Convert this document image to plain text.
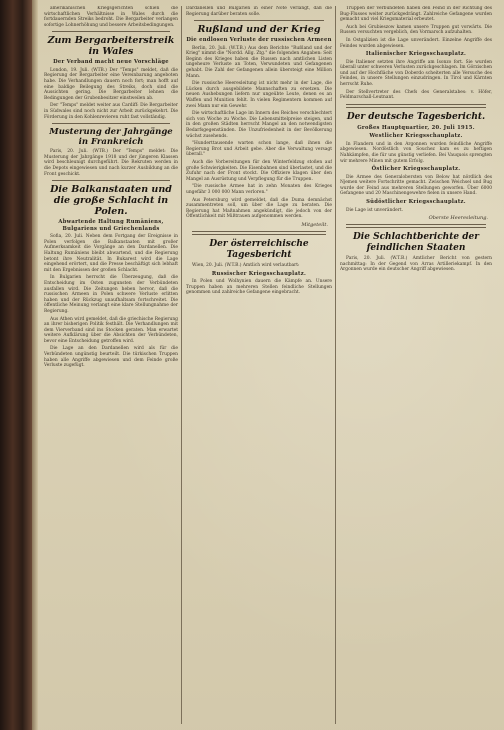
amerikanischen Kriegsgerichten schien die wirtschaftlichen Verhältnisse in Wales durch die fortdauernden Streiks bedroht. Die Bergarbeiter verlangen sofortige Lohnerhöhung und bessere Arbeitsbedingungen.

Zum Bergarbeiterstreik in Wales
Der Verband macht neue Vorschläge

London, 19. Juli. (WTB.) Der "Temps" meldet, daß die Regierung der Bergarbeiter eine Vereinbarung angeboten habe. Die Verhandlungen dauern noch fort; man hofft auf eine baldige Beilegung des Streiks, doch sind die Aussichten gering. Die Bergarbeiter lehnen die Bedingungen der Grubenbesitzer einstweilen ab.

Der "Temps" meldet weiter aus Cardiff: Die Bergarbeiter in Südwales sind noch nicht zur Arbeit zurückgekehrt. Die Förderung in den Kohlenrevieren ruht fast vollständig.

Musterung der Jahrgänge in Frankreich

Paris, 20. Juli. (WTB.) Der "Temps" meldet: Die Musterung der Jahrgänge 1918 und der jüngeren Klassen wird beschleunigt durchgeführt. Die Rekruten werden in die Depots eingewiesen und nach kurzer Ausbildung an die Front geschickt.

Die Balkanstaaten und die große Schlacht in Polen.
Abwartende Haltung Rumäniens, Bulgariens und Griechenlands

Sofia, 20. Juli. Neben dem Fortgang der Ereignisse in Polen verfolgen die Balkanstaaten mit großer Aufmerksamkeit die Vorgänge an den Dardanellen. Die Haltung Rumäniens bleibt abwartend, und die Regierung betont ihre Neutralität. In Bukarest wird die Lage eingehend erörtert, und die Presse beschäftigt sich lebhaft mit den Ergebnissen der großen Schlacht.

In Bulgarien herrscht die Überzeugung, daß die Entscheidung im Osten zugunsten der Verbündeten ausfallen wird. Die Zeitungen heben hervor, daß die russischen Armeen in Polen schwere Verluste erlitten haben und der Rückzug unaufhaltsam fortschreitet. Die öffentliche Meinung verlangt eine klare Stellungnahme der Regierung.

Aus Athen wird gemeldet, daß die griechische Regierung an ihrer bisherigen Politik festhält. Die Verhandlungen mit dem Vierverband sind ins Stocken geraten. Man erwartet weitere Aufklärung über die Absichten der Verbündeten, bevor eine Entscheidung getroffen wird.

Die Lage an den Dardanellen wird als für die Verbündeten ungünstig beurteilt. Die türkischen Truppen haben alle Angriffe abgewiesen und dem Feinde große Verluste zugefügt.

Dardanellen und Bulgarien in einer Note verlangt, daß die Regierung darüber beraten solle.

Rußland und der Krieg
Die endlosen Verluste der russischen Armeen

Berlin, 20. Juli. (W.T.B.) Aus dem Berichte "Rußland und der Krieg" nimmt die "Nordd. Allg. Ztg." die folgenden Angaben: Seit Beginn des Krieges haben die Russen nach amtlichen Listen ungeheure Verluste an Toten, Verwundeten und Gefangenen gehabt. Die Zahl der Gefangenen allein übersteigt eine Million Mann.

Die russische Heeresleitung ist nicht mehr in der Lage, die Lücken durch ausgebildete Mannschaften zu ersetzen. Die neuen Aushebungen liefern nur ungeübte Leute, denen es an Waffen und Munition fehlt. In vielen Regimentern kommen auf zwei Mann nur ein Gewehr.

Die wirtschaftliche Lage im Innern des Reiches verschlechtert sich von Woche zu Woche. Die Lebensmittelpreise steigen, und in den großen Städten herrscht Mangel an den notwendigsten Bedarfsgegenständen. Die Unzufriedenheit in der Bevölkerung wächst zusehends.

"Hunderttausende warten schon lange, daß ihnen die Regierung Brot und Arbeit gebe. Aber die Verwaltung versagt überall."

Auch die Vorbereitungen für den Winterfeldzug stoßen auf große Schwierigkeiten. Die Eisenbahnen sind überlastet, und die Zufuhr nach der Front stockt. Die Offiziere klagen über den Mangel an Ausrüstung und Verpflegung für die Truppen.

"Die russische Armee hat in zehn Monaten des Krieges ungefähr 3 000 000 Mann verloren."

Aus Petersburg wird gemeldet, daß die Duma demnächst zusammentreten soll, um über die Lage zu beraten. Die Regierung hat Maßnahmen angekündigt, die jedoch von der Öffentlichkeit mit Mißtrauen aufgenommen werden.

Mitgeteilt.
Der österreichische Tagesbericht

Wien, 20. Juli. (W.T.B.) Amtlich wird verlautbart:

Russischer Kriegsschauplatz.

In Polen und Wolhynien dauern die Kämpfe an. Unsere Truppen haben an mehreren Stellen feindliche Stellungen genommen und zahlreiche Gefangene eingebracht.

Truppen der Verbündeten haben den Feind in der Richtung des Bug-Flusses weiter zurückgedrängt. Zahlreiche Gefangene wurden gemacht und viel Kriegsmaterial erbeutet.

Auch bei Grubieszow kamen unsere Truppen gut vorwärts. Die Russen versuchten vergeblich, den Vormarsch aufzuhalten.

In Ostgalizien ist die Lage unverändert. Einzelne Angriffe des Feindes wurden abgewiesen.

Italienischer Kriegsschauplatz.

Die Italiener setzten ihre Angriffe am Isonzo fort. Sie wurden überall unter schweren Verlusten zurückgeschlagen. Im Görzischen und auf der Hochfläche von Doberdo scheiterten alle Versuche des Feindes, in unsere Stellungen einzudringen. In Tirol und Kärnten herrscht Ruhe.

Der Stellvertreter des Chefs des Generalstabes: v. Höfer, Feldmarschall-Leutnant.

Der deutsche Tagesbericht.
Großes Hauptquartier, 20. Juli 1915.
Westlicher Kriegsschauplatz.

In Flandern und in den Argonnen wurden feindliche Angriffe abgewiesen. Nordöstlich von Souchez kam es zu heftigen Nahkämpfen, die für uns günstig verliefen. Bei Vauquois sprengten wir mehrere Minen mit gutem Erfolg.

Östlicher Kriegsschauplatz.

Die Armee des Generalobersten von Below hat nördlich des Njemen weitere Fortschritte gemacht. Zwischen Weichsel und Bug wurde der Feind aus mehreren Stellungen geworfen. Über 6000 Gefangene und 20 Maschinengewehre fielen in unsere Hand.

Südöstlicher Kriegsschauplatz.

Die Lage ist unverändert.

Oberste Heeresleitung.
Die Schlachtberichte der feindlichen Staaten

Paris, 20. Juli. (W.T.B.) Amtlicher Bericht von gestern nachmittag: In der Gegend von Arras Artilleriekampf. In den Argonnen wurde ein deutscher Angriff abgewiesen.
